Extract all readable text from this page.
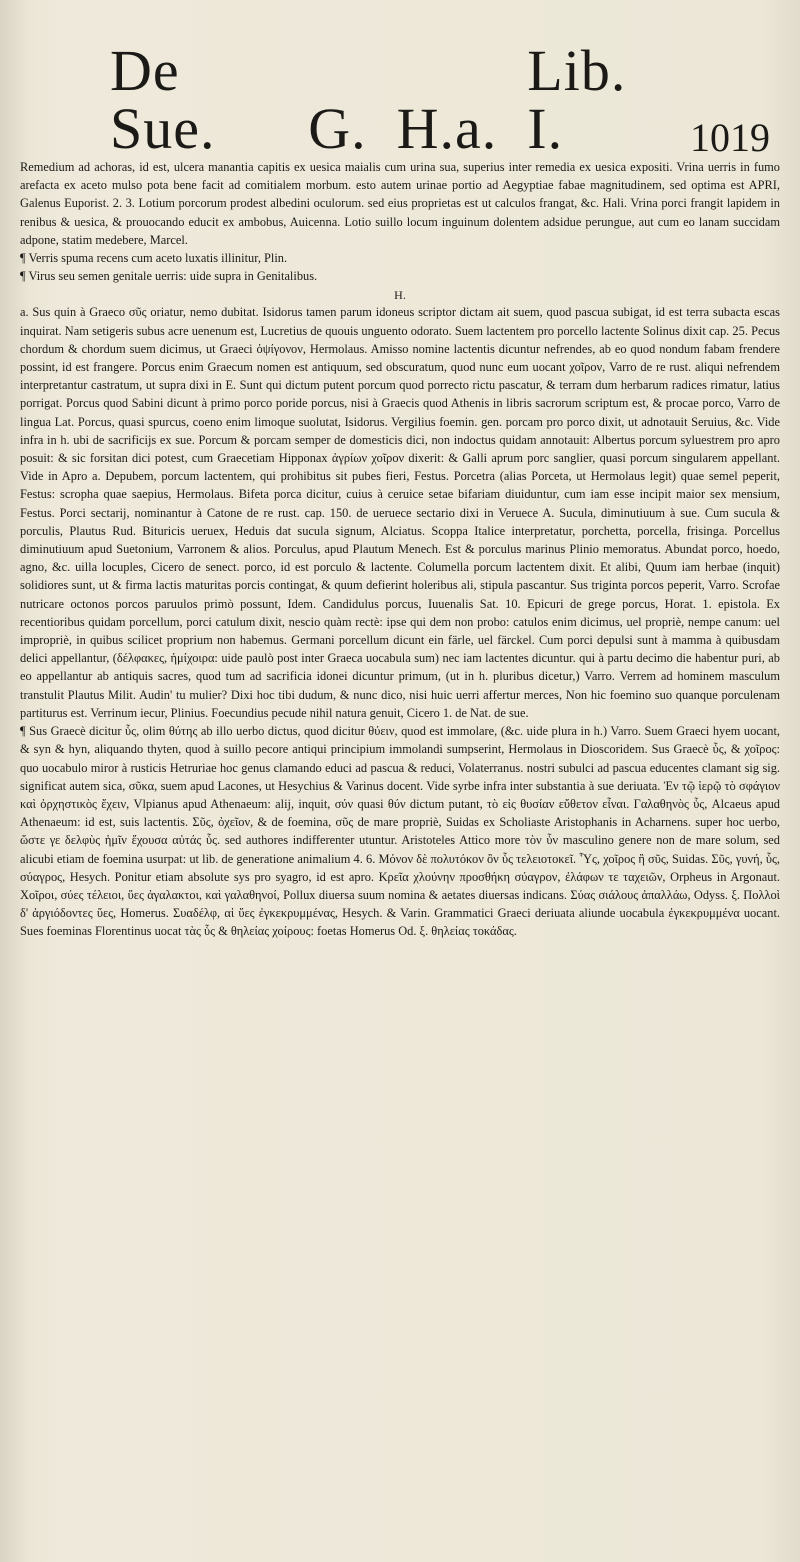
De Sue.	G. H.a.
Lib. I.	1019

Remedium ad achoras, id est, ulcera manantia capitis ex uesica maialis cum urina sua, superius inter remedia ex uesica expositi. Vrina uerris in fumo arefacta ex aceto mulso pota bene facit ad comitialem morbum. esto autem urinae portio ad Aegyptiae fabae magnitudinem, sed optima est APRI, Galenus Euporist. 2. 3. Lotium porcorum prodest albedini oculorum. sed eius proprietas est ut calculos frangat, &c. Hali. Vrina porci frangit lapidem in renibus & uesica, & prouocando educit ex ambobus, Auicenna. Lotio suillo locum inguinum dolentem adsidue perungue, aut cum eo lanam succidam adpone, statim medebere, Marcel.

¶ Verris spuma recens cum aceto luxatis illinitur, Plin.

¶ Virus seu semen genitale uerris: uide supra in Genitalibus.

H.

a. Sus quin à Graeco σῦς oriatur, nemo dubitat. Isidorus tamen parum idoneus scriptor dictam ait suem, quod pascua subigat, id est terra subacta escas inquirat. Nam setigeris subus acre uenenum est, Lucretius de quouis unguento odorato. Suem lactentem pro porcello lactente Solinus dixit cap. 25. Pecus chordum & chordum suem dicimus, ut Graeci ὀψίγονον, Hermolaus. Amisso nomine lactentis dicuntur nefrendes, ab eo quod nondum fabam frendere possint, id est frangere. Porcus enim Graecum nomen est antiquum, sed obscuratum, quod nunc eum uocant χοῖρον, Varro de re rust. aliqui nefrendem interpretantur castratum, ut supra dixi in E. Sunt qui dictum putent porcum quod porrecto rictu pascatur, & terram dum herbarum radices rimatur, latius porrigat. Porcus quod Sabini dicunt à primo porco poride porcus, nisi à Graecis quod Athenis in libris sacrorum scriptum est, & procae porco, Varro de lingua Lat. Porcus, quasi spurcus, coeno enim limoque suolutat, Isidorus. Vergilius foemin. gen. porcam pro porco dixit, ut adnotauit Seruius, &c. Vide infra in h. ubi de sacrificijs ex sue. Porcum & porcam semper de domesticis dici, non indoctus quidam annotauit: Albertus porcum syluestrem pro apro posuit: & sic forsitan dici potest, cum Graecetiam Hipponax ἀγρίων χοῖρον dixerit: & Galli aprum porc sanglier, quasi porcum singularem appellant. Vide in Apro a. Depubem, porcum lactentem, qui prohibitus sit pubes fieri, Festus. Porcetra (alias Porceta, ut Hermolaus legit) quae semel peperit, Festus: scropha quae saepius, Hermolaus. Bifeta porca dicitur, cuius à ceruice setae bifariam diuiduntur, cum iam esse incipit maior sex mensium, Festus. Porci sectarij, nominantur à Catone de re rust. cap. 150. de ueruece sectario dixi in Veruece A. Sucula, diminutiuum à sue. Cum sucula & porculis, Plautus Rud. Bituricis ueruex, Heduis dat sucula signum, Alciatus. Scoppa Italice interpretatur, porchetta, porcella, frisinga. Porcellus diminutiuum apud Suetonium, Varronem & alios. Porculus, apud Plautum Menech. Est & porculus marinus Plinio memoratus. Abundat porco, hoedo, agno, &c. uilla locuples, Cicero de senect. porco, id est porculo & lactente. Columella porcum lactentem dixit. Et alibi, Quum iam herbae (inquit) solidiores sunt, ut & firma lactis maturitas porcis contingat, & quum defierint holeribus ali, stipula pascantur. Sus triginta porcos peperit, Varro. Scrofae nutricare octonos porcos paruulos primò possunt, Idem. Candidulus porcus, Iuuenalis Sat. 10. Epicuri de grege porcus, Horat. 1. epistola. Ex recentioribus quidam porcellum, porci catulum dixit, nescio quàm rectè: ipse qui dem non probo: catulos enim dicimus, uel propriè, nempe canum: uel impropriè, in quibus scilicet proprium non habemus. Germani porcellum dicunt ein färle, uel färckel. Cum porci depulsi sunt à mamma à quibusdam delici appellantur, (δέλφακες, ἡμίχοιρα: uide paulò post inter Graeca uocabula sum) nec iam lactentes dicuntur. qui à partu decimo die habentur puri, ab eo appellantur ab antiquis sacres, quod tum ad sacrificia idonei dicuntur primum, (ut in h. pluribus dicetur,) Varro. Verrem ad hominem masculum transtulit Plautus Milit. Audin' tu mulier? Dixi hoc tibi dudum, & nunc dico, nisi huic uerri affertur merces, Non hic foemino suo quanque porculenam partiturus est. Verrinum iecur, Plinius. Foecundius pecude nihil natura genuit, Cicero 1. de Nat. de sue.

¶ Sus Graecè dicitur ὗς, olim θύτης ab illo uerbo dictus, quod dicitur θύειν, quod est immolare, (&c. uide plura in h.) Varro. Suem Graeci hyem uocant, & syn & hyn, aliquando thyten, quod à suillo pecore antiqui principium immolandi sumpserint, Hermolaus in Dioscoridem. Sus Graecè ὗς, & χοῖρος: quo uocabulo miror à rusticis Hetruriae hoc genus clamando educi ad pascua & reduci, Volaterranus. nostri subulci ad pascua educentes clamant sig sig. significat autem sica, σῦκα, suem apud Lacones, ut Hesychius & Varinus docent. Vide syrbe infra inter substantia à sue deriuata. Ἐν τῷ ἱερῷ τὸ σφάγιον καὶ ὀρχηστικὸς ἔχειν, Vlpianus apud Athenaeum: alij, inquit, σύν quasi θύν dictum putant, τὸ εἰς θυσίαν εὔθετον εἶναι. Γαλαθηνὸς ὗς, Alcaeus apud Athenaeum: id est, suis lactentis. Σῦς, ὀχεῖον, & de foemina, σῦς de mare propriè, Suidas ex Scholiaste Aristophanis in Acharnens. super hoc uerbo, ὥστε γε δελφὺς ἡμῖν ἔχουσα αὐτάς ὗς. sed authores indifferenter utuntur. Aristoteles Attico more τὸν ὗν masculino genere non de mare solum, sed alicubi etiam de foemina usurpat: ut lib. de generatione animalium 4. 6. Μόνον δὲ πολυτόκον ὂν ὗς τελειοτοκεῖ. Ὗς, χοῖρος ἢ σῦς, Suidas. Σῦς, γυνή, ὗς, σύαγρος, Hesych. Ponitur etiam absolute sys pro syagro, id est apro. Κρεῖα χλούνην προσθήκη σύαγρον, ἐλάφων τε ταχειῶν, Orpheus in Argonaut. Χοῖροι, σύες τέλειοι, ὕες ἀγαλακτοι, καὶ γαλαθηνοί, Pollux diuersa suum nomina & aetates diuersas indicans. Σύας σιάλους ἀπαλλάω, Odyss. ξ. Πολλοὶ δ' ἀργιόδοντες ὕες, Homerus. Συαδέλφ, αἱ ὕες ἐγκεκρυμμένας, Hesych. & Varin. Grammatici Graeci deriuata aliunde uocabula ἐγκεκρυμμένα uocant. Sues foeminas Florentinus uocat τὰς ὗς & θηλείας χοίρους: foetas Homerus Od. ξ. θηλείας τοκάδας.
